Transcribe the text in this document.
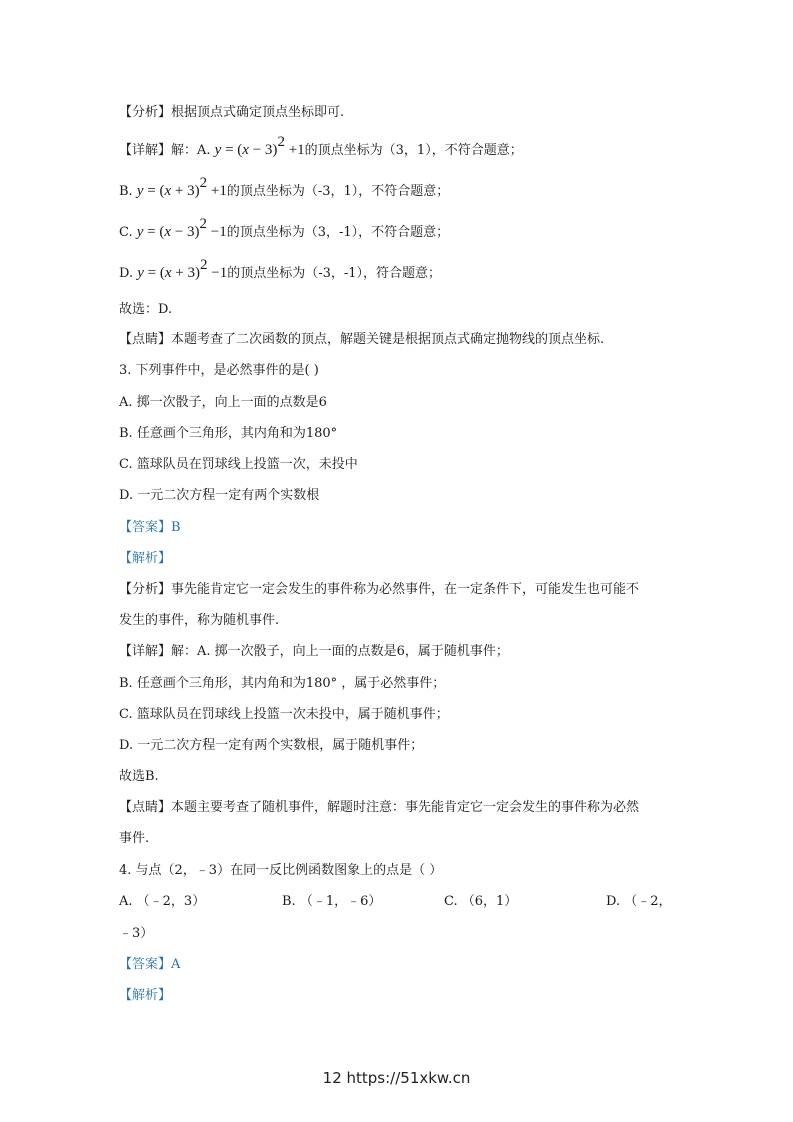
【分析】根据顶点式确定顶点坐标即可.
【详解】解：A. $y = (x - 3)^2 +1$的顶点坐标为（3，1），不符合题意；
B. $y = (x + 3)^2 +1$的顶点坐标为（-3，1），不符合题意；
C. $y = (x - 3)^2 -1$的顶点坐标为（3，-1），不符合题意；
D. $y = (x + 3)^2 -1$的顶点坐标为（-3，-1），符合题意；
故选：D.
【点睛】本题考查了二次函数的顶点，解题关键是根据顶点式确定抛物线的顶点坐标.
3. 下列事件中，是必然事件的是( )
A. 掷一次骰子，向上一面的点数是6
B. 任意画个三角形，其内角和为180°
C. 篮球队员在罚球线上投篮一次，未投中
D. 一元二次方程一定有两个实数根
【答案】B
【解析】
【分析】事先能肯定它一定会发生的事件称为必然事件，在一定条件下，可能发生也可能不
发生的事件，称为随机事件.
【详解】解：A. 掷一次骰子，向上一面的点数是6，属于随机事件；
B. 任意画个三角形，其内角和为180° ，属于必然事件；
C. 篮球队员在罚球线上投篮一次未投中，属于随机事件；
D. 一元二次方程一定有两个实数根，属于随机事件；
故选B.
【点睛】本题主要考查了随机事件，解题时注意：事先能肯定它一定会发生的事件称为必然
事件.
4. 与点（2，﹣3）在同一反比例函数图象上的点是（ ）
A. （﹣2，3）	B. （﹣1，﹣6）	C. （6，1）	D. （﹣2，
﹣3）
【答案】A
【解析】
12 https://51xkw.cn
